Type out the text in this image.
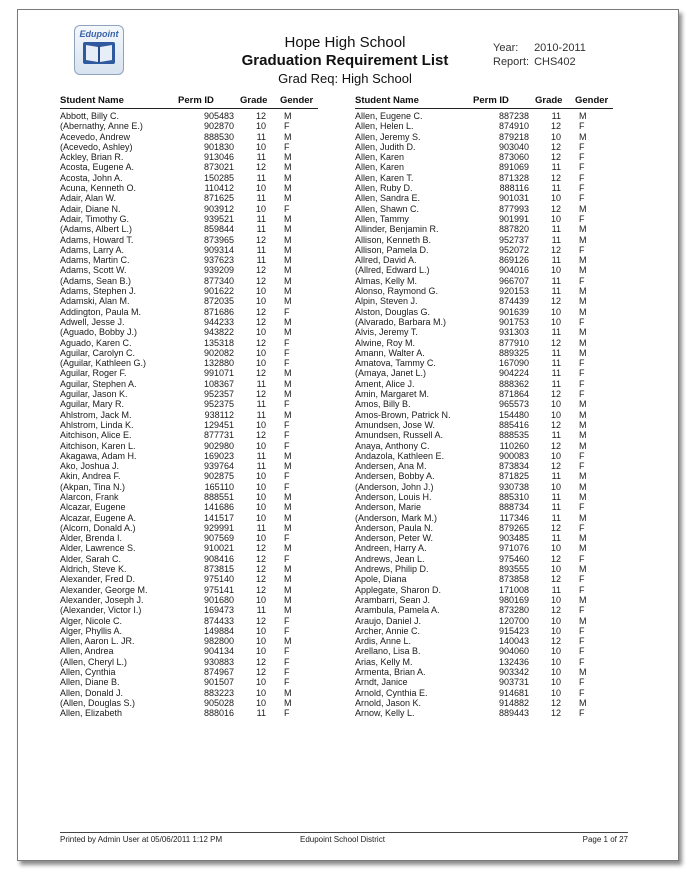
Edupoint	Hope High School
Graduation Requirement List
Grad Req: High School
Year: 2010-2011
Report: CHS402
Student Name	Perm ID	Grade	Gender
Abbott, Billy C.	905483	12	M
(Abernathy, Anne E.)	902870	10	F
Acevedo, Andrew	888530	11	M
(Acevedo, Ashley)	901830	10	F
Ackley, Brian R.	913046	11	M
Acosta, Eugene A.	873021	12	M
Acosta, John A.	150285	11	M
Acuna, Kenneth O.	110412	10	M
Adair, Alan W.	871625	11	M
Adair, Diane N.	903912	10	F
Adair, Timothy G.	939521	11	M
(Adams, Albert L.)	859844	11	M
Adams, Howard T.	873965	12	M
Adams, Larry A.	909314	11	M
Adams, Martin C.	937623	11	M
Adams, Scott W.	939209	12	M
(Adams, Sean B.)	877340	12	M
Adams, Stephen J.	901622	10	M
Adamski, Alan M.	872035	10	M
Addington, Paula M.	871686	12	F
Adwell, Jesse J.	944233	12	M
(Aguado, Bobby J.)	943822	10	M
Aguado, Karen C.	135318	12	F
Aguilar, Carolyn C.	902082	10	F
(Aguilar, Kathleen G.)	132880	10	F
Aguilar, Roger F.	991071	12	M
Aguilar, Stephen A.	108367	11	M
Aguilar, Jason K.	952357	12	M
Aguilar, Mary R.	952375	11	F
Ahlstrom, Jack M.	938112	11	M
Ahlstrom, Linda K.	129451	10	F
Aitchison, Alice E.	877731	12	F
Aitchison, Karen L.	902980	10	F
Akagawa, Adam H.	169023	11	M
Ako, Joshua J.	939764	11	M
Akin, Andrea F.	902875	10	F
(Akpan, Tina N.)	165110	10	F
Alarcon, Frank	888551	10	M
Alcazar, Eugene	141686	10	M
Alcazar, Eugene A.	141517	10	M
(Alcorn, Donald A.)	929991	11	M
Alder, Brenda I.	907569	10	F
Alder, Lawrence S.	910021	12	M
Alder, Sarah C.	908416	12	F
Aldrich, Steve K.	873815	12	M
Alexander, Fred D.	975140	12	M
Alexander, George M.	975141	12	M
Alexander, Joseph J.	901680	10	M
(Alexander, Victor I.)	169473	11	M
Alger, Nicole C.	874433	12	F
Alger, Phyllis A.	149884	10	F
Allen, Aaron L. JR.	982800	10	M
Allen, Andrea	904134	10	F
(Allen, Cheryl L.)	930883	12	F
Allen, Cynthia	874967	12	F
Allen, Diane B.	901507	10	F
Allen, Donald J.	883223	10	M
(Allen, Douglas S.)	905028	10	M
Allen, Elizabeth	888016	11	F
Student Name	Perm ID	Grade	Gender
Allen, Eugene C.	887238	11	M
Allen, Helen L.	874910	12	F
Allen, Jeremy S.	879218	10	M
Allen, Judith D.	903040	12	F
Allen, Karen	873060	12	F
Allen, Karen	891069	11	F
Allen, Karen T.	871328	12	F
Allen, Ruby D.	888116	11	F
Allen, Sandra E.	901031	10	F
Allen, Shawn C.	877993	12	M
Allen, Tammy	901991	10	F
Allinder, Benjamin R.	887820	11	M
Allison, Kenneth B.	952737	11	M
Allison, Pamela D.	952072	12	F
Allred, David A.	869126	11	M
(Allred, Edward L.)	904016	10	M
Almas, Kelly M.	966707	11	F
Alonso, Raymond G.	920153	11	M
Alpin, Steven J.	874439	12	M
Alston, Douglas G.	901639	10	M
(Alvarado, Barbara M.)	901753	10	F
Alvis, Jeremy T.	931303	11	M
Alwine, Roy M.	877910	12	M
Amann, Walter A.	889325	11	M
Amatova, Tammy C.	167090	11	F
(Amaya, Janet L.)	904224	11	F
Ament, Alice J.	888362	11	F
Amin, Margaret M.	871864	12	F
Amos, Billy B.	965573	10	M
Amos-Brown, Patrick N.	154480	10	M
Amundsen, Jose W.	885416	12	M
Amundsen, Russell A.	888535	11	M
Anaya, Anthony C.	110260	12	M
Andazola, Kathleen E.	900083	10	F
Andersen, Ana M.	873834	12	F
Andersen, Bobby A.	871825	11	M
(Anderson, John J.)	930738	10	M
Anderson, Louis H.	885310	11	M
Anderson, Marie	888734	11	F
(Anderson, Mark M.)	117346	11	M
Anderson, Paula N.	879265	12	F
Anderson, Peter W.	903485	11	M
Andreen, Harry A.	971076	10	M
Andrews, Jean L.	975460	12	F
Andrews, Philip D.	893555	10	M
Apole, Diana	873858	12	F
Applegate, Sharon D.	171008	11	F
Arambarri, Sean J.	980169	10	M
Arambula, Pamela A.	873280	12	F
Araujo, Daniel J.	120700	10	M
Archer, Annie C.	915423	10	F
Ardis, Anne L.	140043	12	F
Arellano, Lisa B.	904060	10	F
Arias, Kelly M.	132436	10	F
Armenta, Brian A.	903342	10	M
Arndt, Janice	903731	10	F
Arnold, Cynthia E.	914681	10	F
Arnold, Jason K.	914882	12	M
Arnow, Kelly L.	889443	12	F
Printed by Admin User at 05/06/2011 1:12 PM	Edupoint School District	Page 1 of 27
